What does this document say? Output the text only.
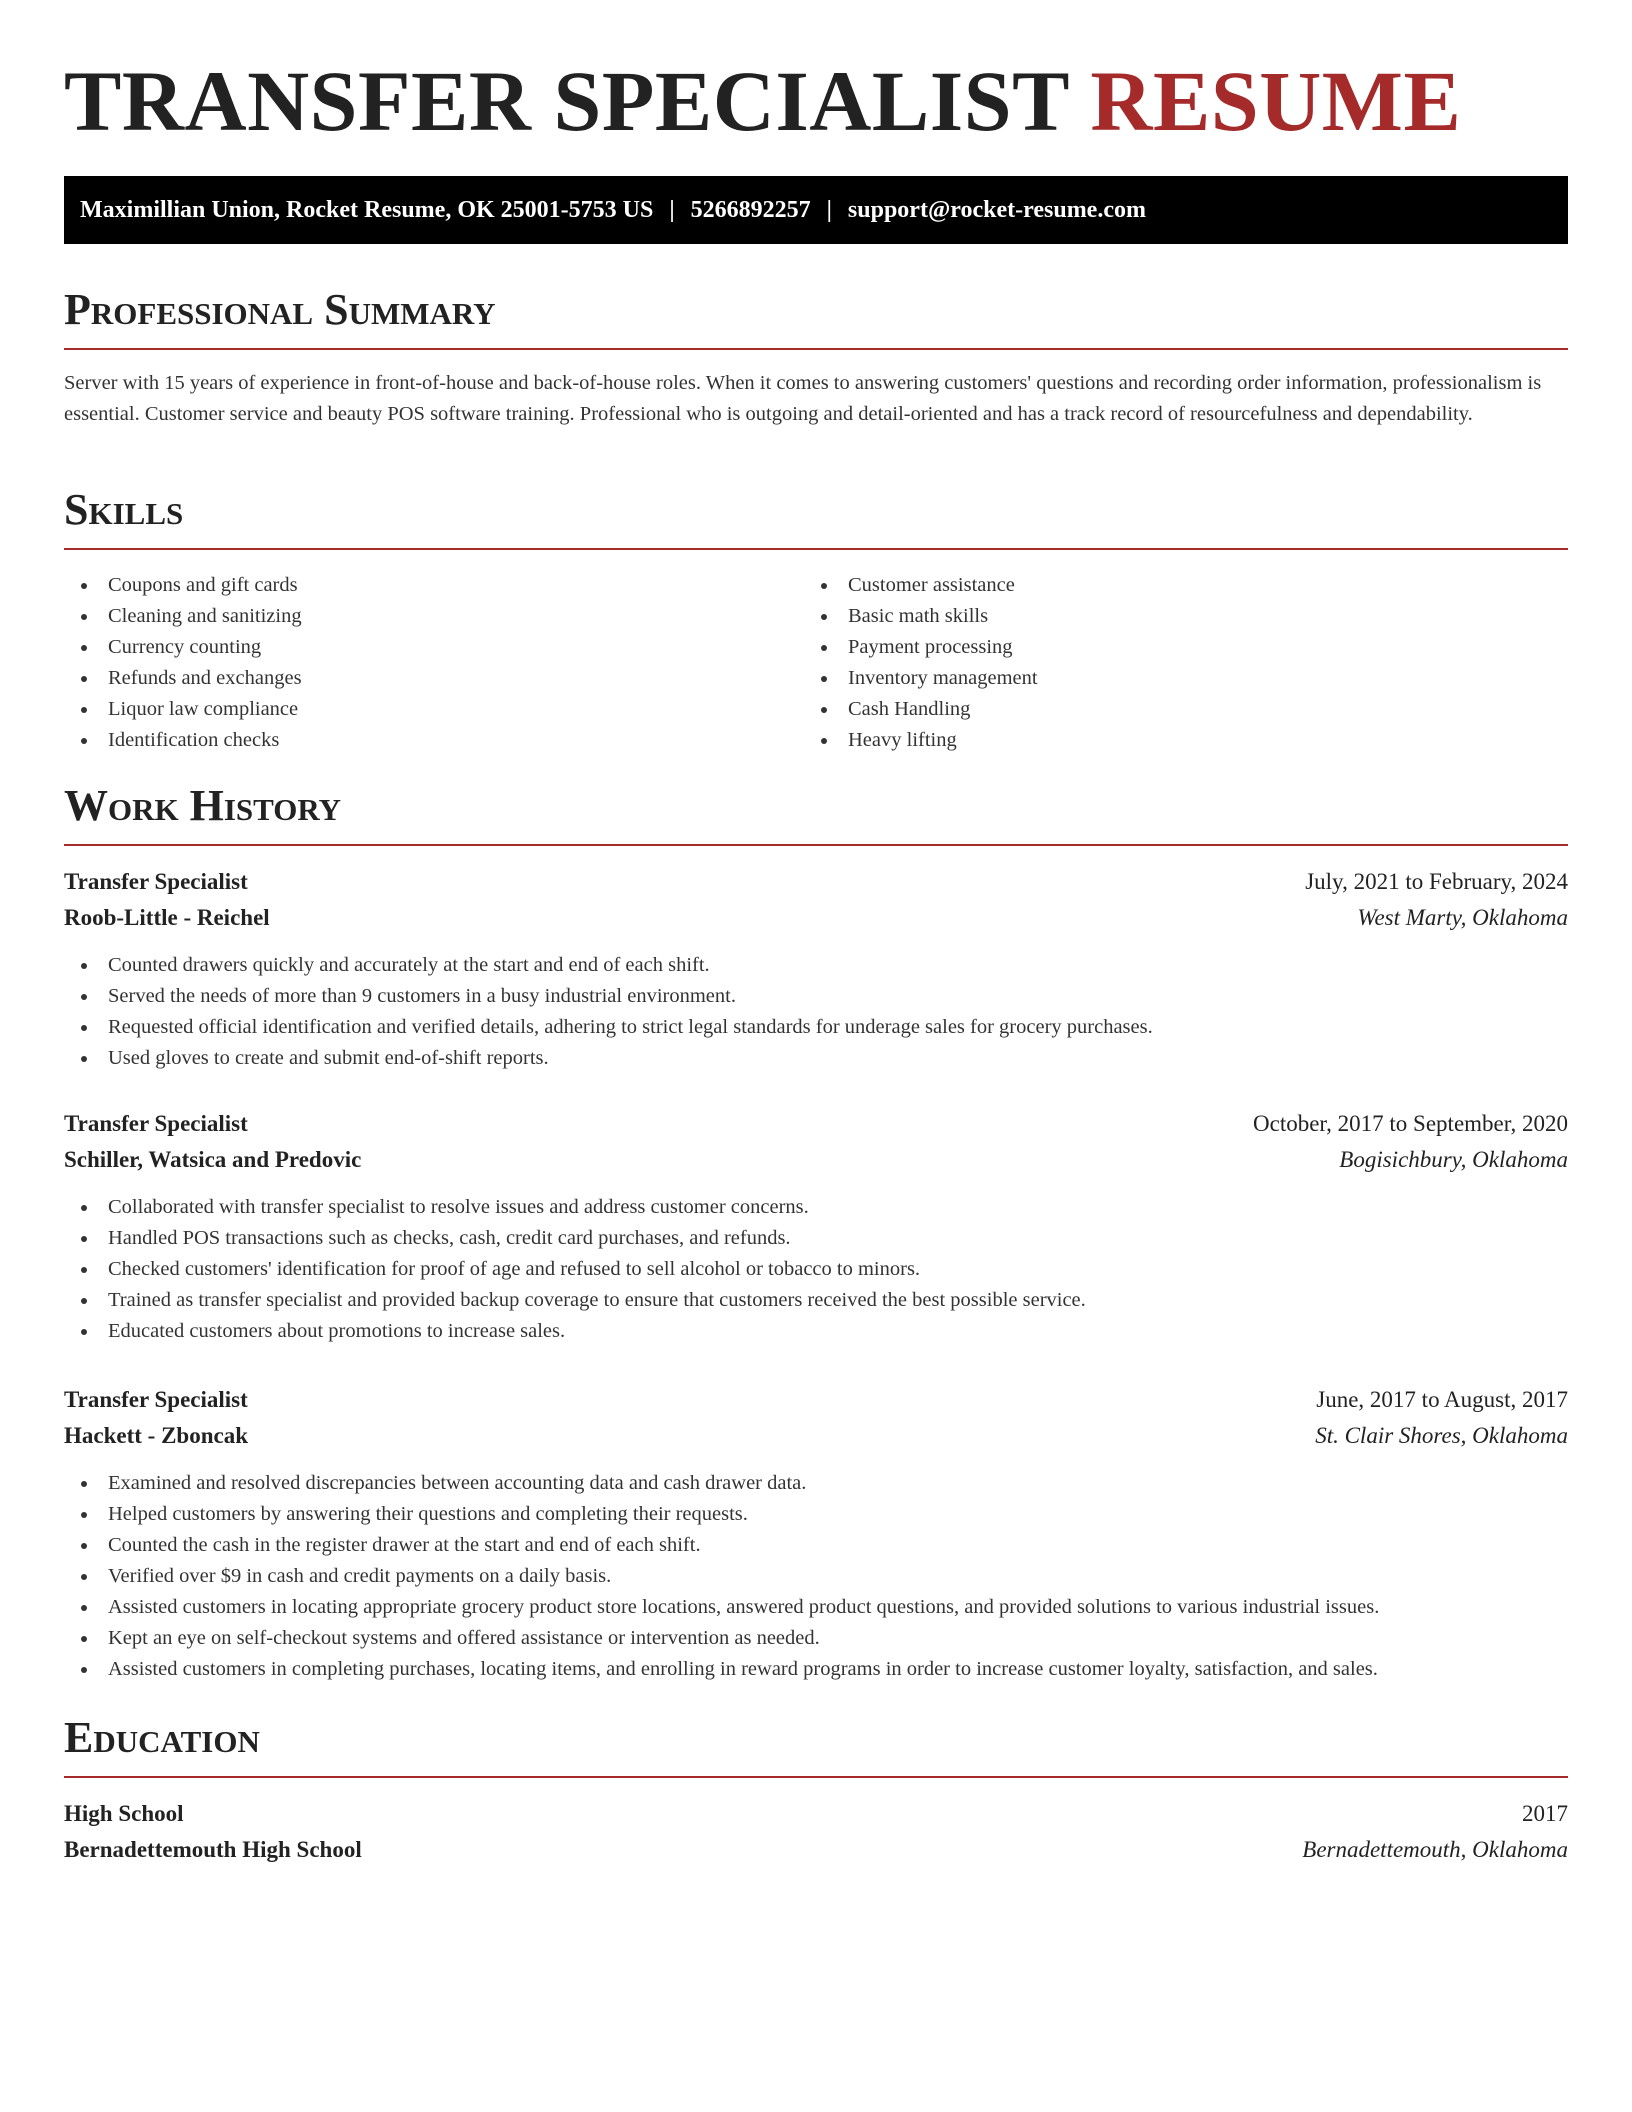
TRANSFER SPECIALIST RESUME
Maximillian Union, Rocket Resume, OK 25001-5753 US | 5266892257 | support@rocket-resume.com
Professional Summary

Server with 15 years of experience in front-of-house and back-of-house roles. When it comes to answering customers' questions and recording order information, professionalism is essential. Customer service and beauty POS software training. Professional who is outgoing and detail-oriented and has a track record of resourcefulness and dependability.

Skills
Coupons and gift cards
Cleaning and sanitizing
Currency counting
Refunds and exchanges
Liquor law compliance
Identification checks
Customer assistance
Basic math skills
Payment processing
Inventory management
Cash Handling
Heavy lifting
Work History
Transfer Specialist	July, 2021 to February, 2024
Roob-Little - Reichel	West Marty, Oklahoma
Counted drawers quickly and accurately at the start and end of each shift.
Served the needs of more than 9 customers in a busy industrial environment.
Requested official identification and verified details, adhering to strict legal standards for underage sales for grocery purchases.
Used gloves to create and submit end-of-shift reports.
Transfer Specialist	October, 2017 to September, 2020
Schiller, Watsica and Predovic	Bogisichbury, Oklahoma
Collaborated with transfer specialist to resolve issues and address customer concerns.
Handled POS transactions such as checks, cash, credit card purchases, and refunds.
Checked customers' identification for proof of age and refused to sell alcohol or tobacco to minors.
Trained as transfer specialist and provided backup coverage to ensure that customers received the best possible service.
Educated customers about promotions to increase sales.
Transfer Specialist	June, 2017 to August, 2017
Hackett - Zboncak	St. Clair Shores, Oklahoma
Examined and resolved discrepancies between accounting data and cash drawer data.
Helped customers by answering their questions and completing their requests.
Counted the cash in the register drawer at the start and end of each shift.
Verified over $9 in cash and credit payments on a daily basis.
Assisted customers in locating appropriate grocery product store locations, answered product questions, and provided solutions to various industrial issues.
Kept an eye on self-checkout systems and offered assistance or intervention as needed.
Assisted customers in completing purchases, locating items, and enrolling in reward programs in order to increase customer loyalty, satisfaction, and sales.
Education
High School	2017
Bernadettemouth High School	Bernadettemouth, Oklahoma
